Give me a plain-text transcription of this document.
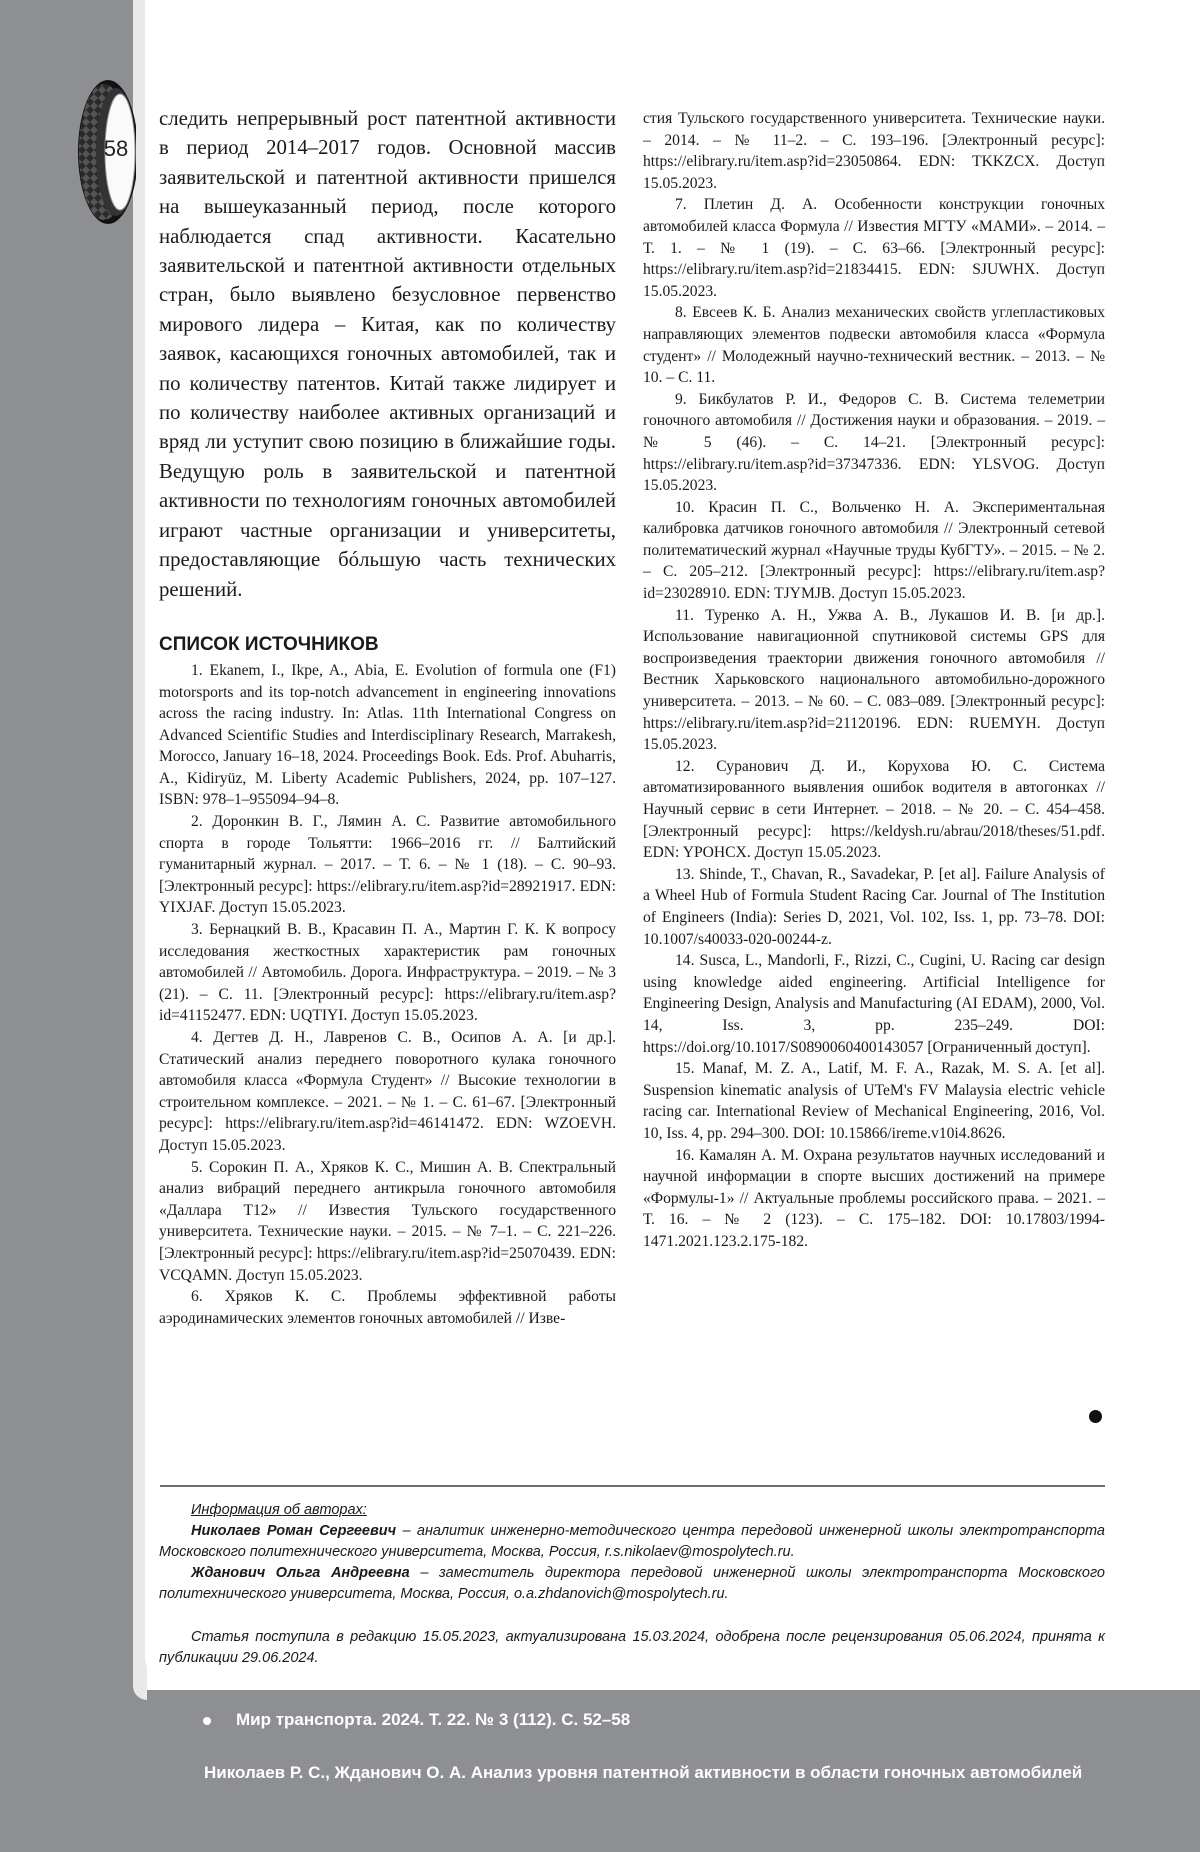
58

следить непрерывный рост патентной активности в период 2014–2017 годов. Основной массив заявительской и патентной активности пришелся на вышеуказанный период, после которого наблюдается спад активности. Касательно заявительской и патентной активности отдельных стран, было выявлено безусловное первенство мирового лидера – Китая, как по количеству заявок, касающихся гоночных автомобилей, так и по количеству патентов. Китай также лидирует и по количеству наиболее активных организаций и вряд ли уступит свою позицию в ближайшие годы. Ведущую роль в заявительской и патентной активности по технологиям гоночных автомобилей играют частные организации и университеты, предоставляющие бóльшую часть технических решений.

СПИСОК ИСТОЧНИКОВ

1. Ekanem, I., Ikpe, A., Abia, E. Evolution of formula one (F1) motorsports and its top-notch advancement in engineering innovations across the racing industry. In: Atlas. 11th International Congress on Advanced Scientific Studies and Interdisciplinary Research, Marrakesh, Morocco, January 16–18, 2024. Proceedings Book. Eds. Prof. Abuharris, A., Kidiryüz, M. Liberty Academic Publishers, 2024, pp. 107–127. ISBN: 978–1–955094–94–8.

2. Доронкин В. Г., Лямин А. С. Развитие автомобильного спорта в городе Тольятти: 1966–2016 гг. // Балтийский гуманитарный журнал. – 2017. – Т. 6. – № 1 (18). – С. 90–93. [Электронный ресурс]: https://elibrary.ru/item.asp?id=28921917. EDN: YIXJAF. Доступ 15.05.2023.

3. Бернацкий В. В., Красавин П. А., Мартин Г. К. К вопросу исследования жесткостных характеристик рам гоночных автомобилей // Автомобиль. Дорога. Инфраструктура. – 2019. – № 3 (21). – С. 11. [Электронный ресурс]: https://elibrary.ru/item.asp?id=41152477. EDN: UQTIYI. Доступ 15.05.2023.

4. Дегтев Д. Н., Лавренов С. В., Осипов А. А. [и др.]. Статический анализ переднего поворотного кулака гоночного автомобиля класса «Формула Студент» // Высокие технологии в строительном комплексе. – 2021. – № 1. – С. 61–67. [Электронный ресурс]: https://elibrary.ru/item.asp?id=46141472. EDN: WZOEVH. Доступ 15.05.2023.

5. Сорокин П. А., Хряков К. С., Мишин А. В. Спектральный анализ вибраций переднего антикрыла гоночного автомобиля «Даллара T12» // Известия Тульского государственного университета. Технические науки. – 2015. – № 7–1. – С. 221–226. [Электронный ресурс]: https://elibrary.ru/item.asp?id=25070439. EDN: VCQAMN. Доступ 15.05.2023.

6. Хряков К. С. Проблемы эффективной работы аэродинамических элементов гоночных автомобилей // Изве-

стия Тульского государственного университета. Технические науки. – 2014. – № 11–2. – С. 193–196. [Электронный ресурс]: https://elibrary.ru/item.asp?id=23050864. EDN: TKKZCX. Доступ 15.05.2023.

7. Плетин Д. А. Особенности конструкции гоночных автомобилей класса Формула // Известия МГТУ «МАМИ». – 2014. – Т. 1. – № 1 (19). – С. 63–66. [Электронный ресурс]: https://elibrary.ru/item.asp?id=21834415. EDN: SJUWHX. Доступ 15.05.2023.

8. Евсеев К. Б. Анализ механических свойств углепластиковых направляющих элементов подвески автомобиля класса «Формула студент» // Молодежный научно-технический вестник. – 2013. – № 10. – С. 11.

9. Бикбулатов Р. И., Федоров С. В. Система телеметрии гоночного автомобиля // Достижения науки и образования. – 2019. – № 5 (46). – С. 14–21. [Электронный ресурс]: https://elibrary.ru/item.asp?id=37347336. EDN: YLSVOG. Доступ 15.05.2023.

10. Красин П. С., Вольченко Н. А. Экспериментальная калибровка датчиков гоночного автомобиля // Электронный сетевой политематический журнал «Научные труды КубГТУ». – 2015. – № 2. – С. 205–212. [Электронный ресурс]: https://elibrary.ru/item.asp?id=23028910. EDN: TJYMJB. Доступ 15.05.2023.

11. Туренко А. Н., Ужва А. В., Лукашов И. В. [и др.]. Использование навигационной спутниковой системы GPS для воспроизведения траектории движения гоночного автомобиля // Вестник Харьковского национального автомобильно-дорожного университета. – 2013. – № 60. – С. 083–089. [Электронный ресурс]: https://elibrary.ru/item.asp?id=21120196. EDN: RUEMYH. Доступ 15.05.2023.

12. Суранович Д. И., Корухова Ю. С. Система автоматизированного выявления ошибок водителя в автогонках // Научный сервис в сети Интернет. – 2018. – № 20. – С. 454–458. [Электронный ресурс]: https://keldysh.ru/abrau/2018/theses/51.pdf. EDN: YPOHCX. Доступ 15.05.2023.

13. Shinde, T., Chavan, R., Savadekar, P. [et al]. Failure Analysis of a Wheel Hub of Formula Student Racing Car. Journal of The Institution of Engineers (India): Series D, 2021, Vol. 102, Iss. 1, pp. 73–78. DOI: 10.1007/s40033-020-00244-z.

14. Susca, L., Mandorli, F., Rizzi, C., Cugini, U. Racing car design using knowledge aided engineering. Artificial Intelligence for Engineering Design, Analysis and Manufacturing (AI EDAM), 2000, Vol. 14, Iss. 3, pp. 235–249. DOI: https://doi.org/10.1017/S0890060400143057 [Ограниченный доступ].

15. Manaf, M. Z. A., Latif, M. F. A., Razak, M. S. A. [et al]. Suspension kinematic analysis of UTeM's FV Malaysia electric vehicle racing car. International Review of Mechanical Engineering, 2016, Vol. 10, Iss. 4, pp. 294–300. DOI: 10.15866/ireme.v10i4.8626.

16. Камалян А. М. Охрана результатов научных исследований и научной информации в спорте высших достижений на примере «Формулы-1» // Актуальные проблемы российского права. – 2021. – Т. 16. – № 2 (123). – С. 175–182. DOI: 10.17803/1994-1471.2021.123.2.175-182.

Информация об авторах:

Николаев Роман Сергеевич – аналитик инженерно-методического центра передовой инженерной школы электротранспорта Московского политехнического университета, Москва, Россия, r.s.nikolaev@mospolytech.ru.

Жданович Ольга Андреевна – заместитель директора передовой инженерной школы электротранспорта Московского политехнического университета, Москва, Россия, o.a.zhdanovich@mospolytech.ru.

Статья поступила в редакцию 15.05.2023, актуализирована 15.03.2024, одобрена после рецензирования 05.06.2024, принята к публикации 29.06.2024.

Мир транспорта. 2024. Т. 22. № 3 (112). С. 52–58
Николаев Р. С., Жданович О. А. Анализ уровня патентной активности в области гоночных автомобилей
